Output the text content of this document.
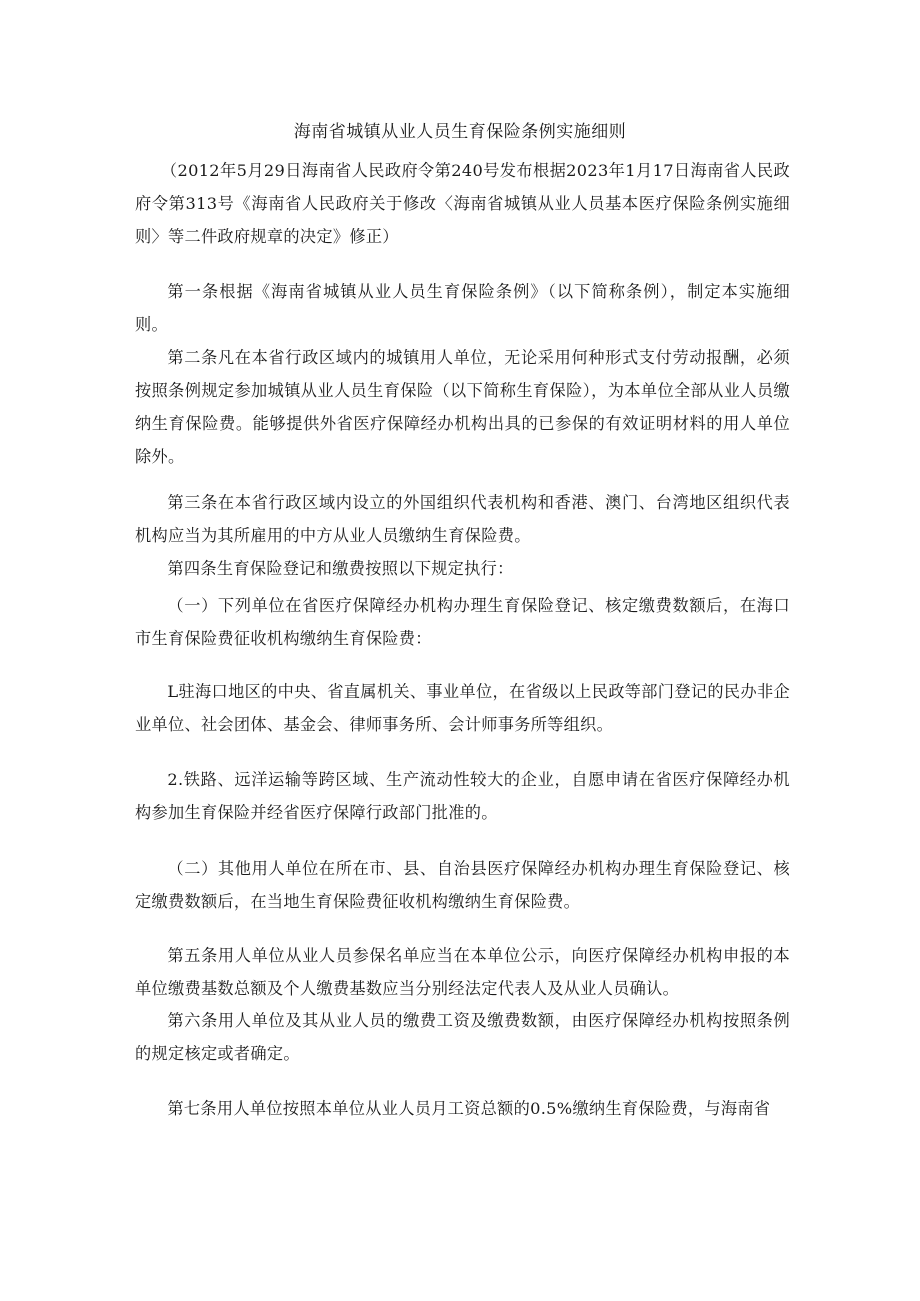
海南省城镇从业人员生育保险条例实施细则

（2012年5月29日海南省人民政府令第240号发布根据2023年1月17日海南省人民政府令第313号《海南省人民政府关于修改〈海南省城镇从业人员基本医疗保险条例实施细则〉等二件政府规章的决定》修正）

第一条根据《海南省城镇从业人员生育保险条例》（以下简称条例），制定本实施细则。

第二条凡在本省行政区域内的城镇用人单位，无论采用何种形式支付劳动报酬，必须按照条例规定参加城镇从业人员生育保险（以下简称生育保险），为本单位全部从业人员缴纳生育保险费。能够提供外省医疗保障经办机构出具的已参保的有效证明材料的用人单位除外。

第三条在本省行政区域内设立的外国组织代表机构和香港、澳门、台湾地区组织代表机构应当为其所雇用的中方从业人员缴纳生育保险费。

第四条生育保险登记和缴费按照以下规定执行：

（一）下列单位在省医疗保障经办机构办理生育保险登记、核定缴费数额后，在海口市生育保险费征收机构缴纳生育保险费：

L驻海口地区的中央、省直属机关、事业单位，在省级以上民政等部门登记的民办非企业单位、社会团体、基金会、律师事务所、会计师事务所等组织。

2.铁路、远洋运输等跨区域、生产流动性较大的企业，自愿申请在省医疗保障经办机构参加生育保险并经省医疗保障行政部门批准的。

（二）其他用人单位在所在市、县、自治县医疗保障经办机构办理生育保险登记、核定缴费数额后，在当地生育保险费征收机构缴纳生育保险费。

第五条用人单位从业人员参保名单应当在本单位公示，向医疗保障经办机构申报的本单位缴费基数总额及个人缴费基数应当分别经法定代表人及从业人员确认。

第六条用人单位及其从业人员的缴费工资及缴费数额，由医疗保障经办机构按照条例的规定核定或者确定。

第七条用人单位按照本单位从业人员月工资总额的0.5%缴纳生育保险费，与海南省
